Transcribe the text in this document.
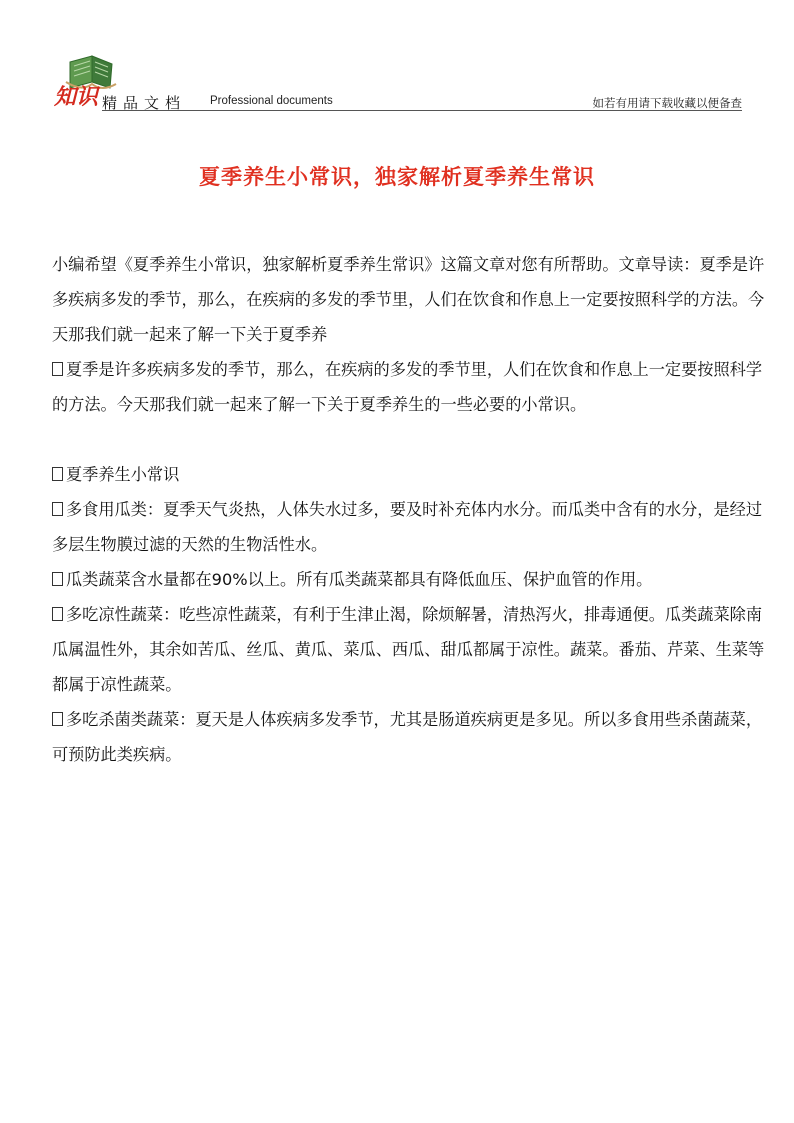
知识 精品文档 Professional documents	如若有用请下载收藏以便备查
夏季养生小常识，独家解析夏季养生常识

小编希望《夏季养生小常识，独家解析夏季养生常识》这篇文章对您有所帮助。文章导读：夏季是许多疾病多发的季节，那么，在疾病的多发的季节里，人们在饮食和作息上一定要按照科学的方法。今天那我们就一起来了解一下关于夏季养

夏季是许多疾病多发的季节，那么，在疾病的多发的季节里，人们在饮食和作息上一定要按照科学的方法。今天那我们就一起来了解一下关于夏季养生的一些必要的小常识。

夏季养生小常识

多食用瓜类：夏季天气炎热，人体失水过多，要及时补充体内水分。而瓜类中含有的水分，是经过多层生物膜过滤的天然的生物活性水。

瓜类蔬菜含水量都在90%以上。所有瓜类蔬菜都具有降低血压、保护血管的作用。

多吃凉性蔬菜：吃些凉性蔬菜，有利于生津止渴，除烦解暑，清热泻火，排毒通便。瓜类蔬菜除南瓜属温性外，其余如苦瓜、丝瓜、黄瓜、菜瓜、西瓜、甜瓜都属于凉性。蔬菜。番茄、芹菜、生菜等都属于凉性蔬菜。

多吃杀菌类蔬菜：夏天是人体疾病多发季节，尤其是肠道疾病更是多见。所以多食用些杀菌蔬菜，可预防此类疾病。
